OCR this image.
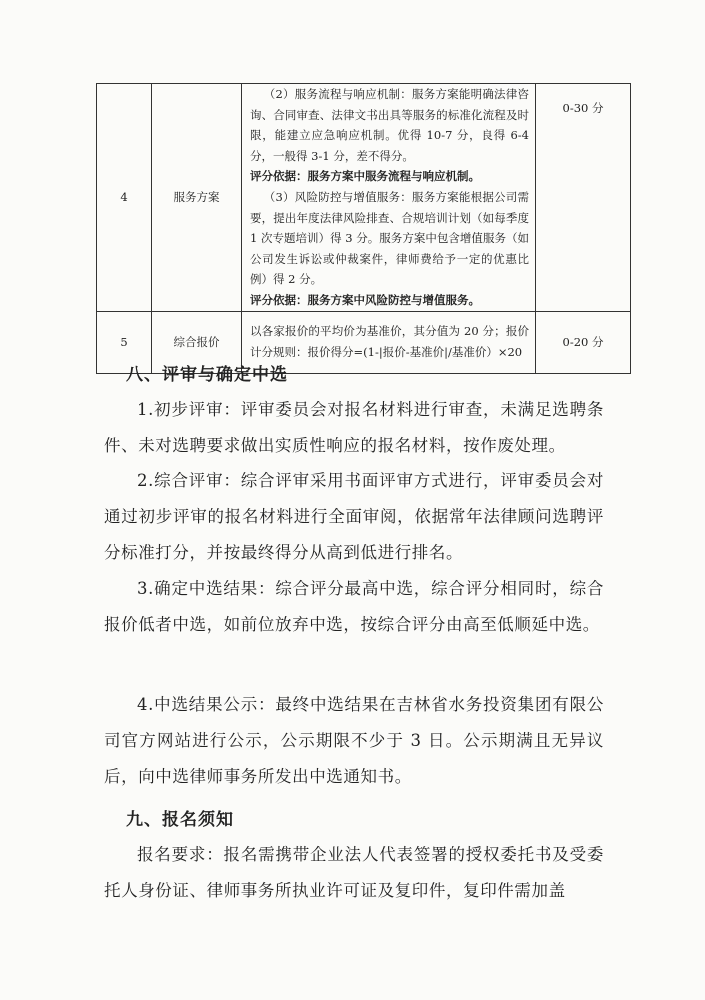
4	服务方案	（2）服务流程与响应机制：服务方案能明确法律咨询、合同审查、法律文书出具等服务的标准化流程及时限，能建立应急响应机制。优得 10-7 分，良得 6-4 分，一般得 3-1 分，差不得分。
评分依据：服务方案中服务流程与响应机制。
（3）风险防控与增值服务：服务方案能根据公司需要，提出年度法律风险排查、合规培训计划（如每季度 1 次专题培训）得 3 分。服务方案中包含增值服务（如公司发生诉讼或仲裁案件，律师费给予一定的优惠比例）得 2 分。
评分依据：服务方案中风险防控与增值服务。	0-30 分

5	综合报价	以各家报价的平均价为基准价，其分值为 20 分；报价计分规则：报价得分=(1-|报价-基准价|/基准价）×20	0-20 分
八、评审与确定中选

1.初步评审：评审委员会对报名材料进行审查，未满足选聘条件、未对选聘要求做出实质性响应的报名材料，按作废处理。

2.综合评审：综合评审采用书面评审方式进行，评审委员会对通过初步评审的报名材料进行全面审阅，依据常年法律顾问选聘评分标准打分，并按最终得分从高到低进行排名。

3.确定中选结果：综合评分最高中选，综合评分相同时，综合报价低者中选，如前位放弃中选，按综合评分由高至低顺延中选。

4.中选结果公示：最终中选结果在吉林省水务投资集团有限公司官方网站进行公示，公示期限不少于 3 日。公示期满且无异议后，向中选律师事务所发出中选通知书。

九、报名须知

报名要求：报名需携带企业法人代表签署的授权委托书及受委托人身份证、律师事务所执业许可证及复印件，复印件需加盖
